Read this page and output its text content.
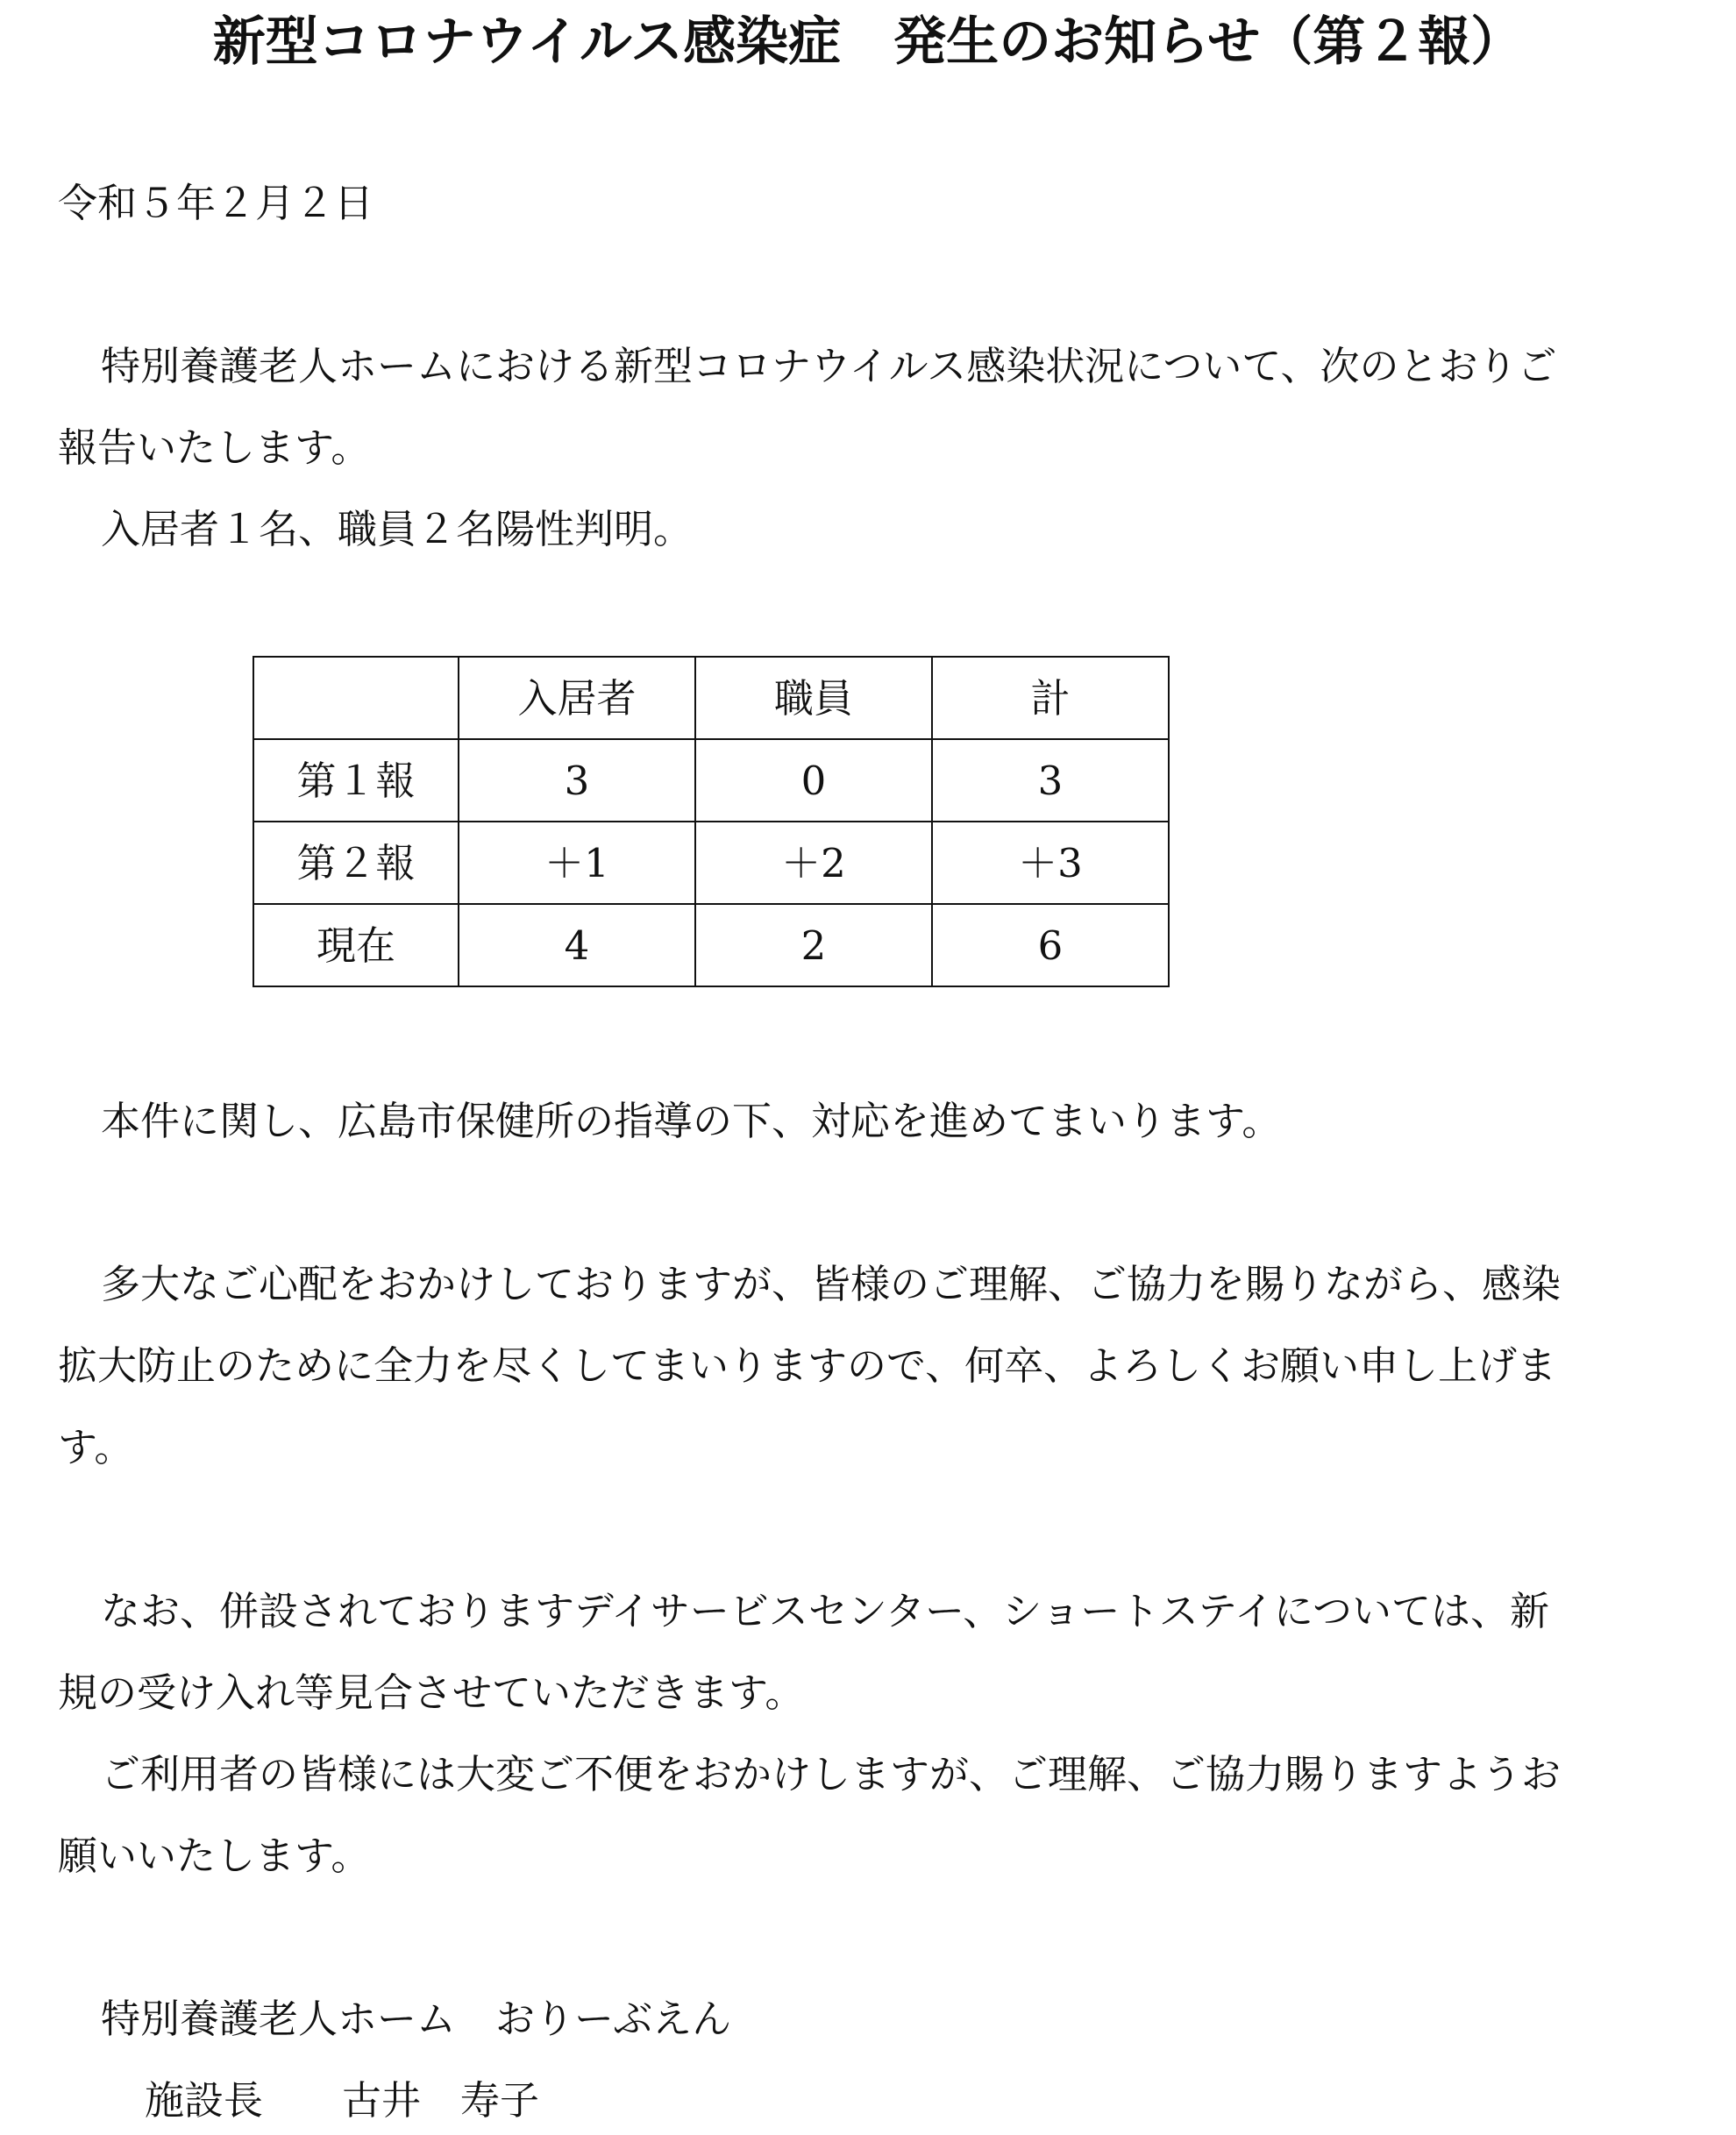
新型コロナウイルス感染症　発生のお知らせ（第２報）
令和５年２月２日
特別養護老人ホームにおける新型コロナウイルス感染状況について、次のとおりご
報告いたします。
入居者１名、職員２名陽性判明。
	入居者	職員	計
第１報	3	0	3
第２報	＋1	＋2	＋3
現在	4	2	6
本件に関し、広島市保健所の指導の下、対応を進めてまいります。
多大なご心配をおかけしておりますが、皆様のご理解、ご協力を賜りながら、感染
拡大防止のために全力を尽くしてまいりますので、何卒、よろしくお願い申し上げま
す。
なお、併設されておりますデイサービスセンター、ショートステイについては、新
規の受け入れ等見合させていただきます。
ご利用者の皆様には大変ご不便をおかけしますが、ご理解、ご協力賜りますようお
願いいたします。
特別養護老人ホーム　おりーぶえん
施設長　　古井　寿子
